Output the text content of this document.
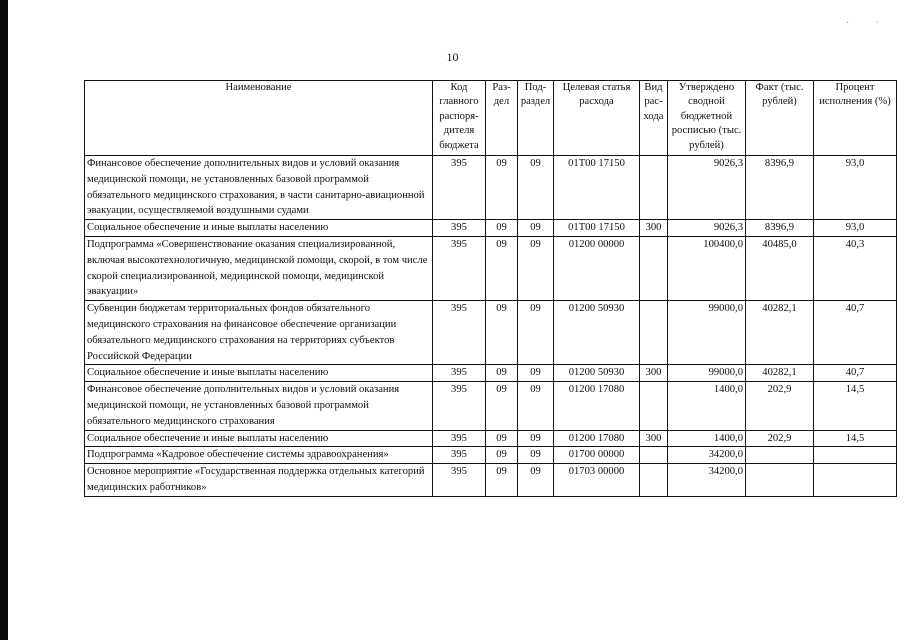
· ·
10
Наименование	Код главного распоря- дителя бюджета	Раз- дел	Под- раздел	Целевая статья расхода	Вид рас- хода	Утверждено сводной бюджетной росписью (тыс. рублей)	Факт (тыс. рублей)	Процент исполнения (%)
Финансовое обеспечение дополнительных видов и условий оказания медицинской помощи, не установленных базовой программой обязательного медицинского страхования, в части санитарно-авиационной эвакуации, осуществляемой воздушными судами	395	09	09	01Т00 17150		9026,3	8396,9	93,0
Социальное обеспечение и иные выплаты населению	395	09	09	01Т00 17150	300	9026,3	8396,9	93,0
Подпрограмма «Совершенствование оказания специализированной, включая высокотехнологичную, медицинской помощи, скорой, в том числе скорой специализированной, медицинской помощи, медицинской эвакуации»	395	09	09	01200 00000		100400,0	40485,0	40,3
Субвенции бюджетам территориальных фондов обязательного медицинского страхования на финансовое обеспечение организации обязательного медицинского страхования на территориях субъектов Российской Федерации	395	09	09	01200 50930		99000,0	40282,1	40,7
Социальное обеспечение и иные выплаты населению	395	09	09	01200 50930	300	99000,0	40282,1	40,7
Финансовое обеспечение дополнительных видов и условий оказания медицинской помощи, не установленных базовой программой обязательного медицинского страхования	395	09	09	01200 17080		1400,0	202,9	14,5
Социальное обеспечение и иные выплаты населению	395	09	09	01200 17080	300	1400,0	202,9	14,5
Подпрограмма «Кадровое обеспечение системы здравоохранения»	395	09	09	01700 00000		34200,0		
Основное мероприятие «Государственная поддержка отдельных категорий медицинских работников»	395	09	09	01703 00000		34200,0		
